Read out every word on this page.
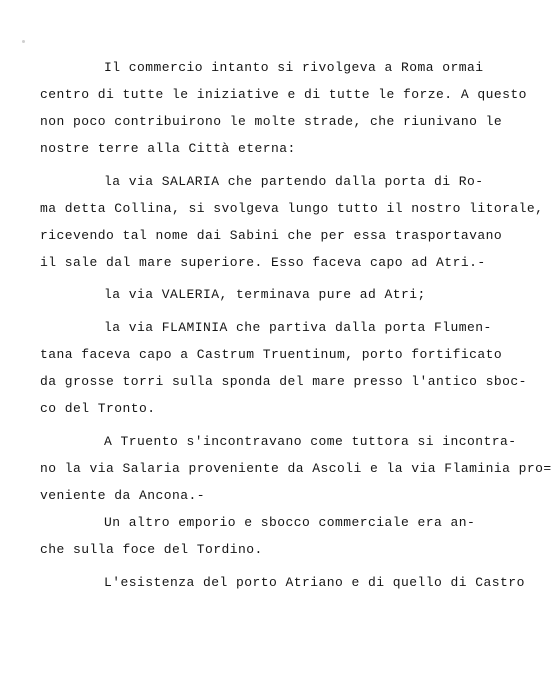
Il commercio intanto si rivolgeva a Roma ormai
centro di tutte le iniziative e di tutte le forze. A questo
non poco contribuirono le molte strade, che riunivano le
nostre terre alla Città eterna:
la via SALARIA che partendo dalla porta di Ro-
ma detta Collina, si svolgeva lungo tutto il nostro litorale,
ricevendo tal nome dai Sabini che per essa trasportavano
il sale dal mare superiore. Esso faceva capo ad Atri.-
la via VALERIA, terminava pure ad Atri;
la via FLAMINIA che partiva dalla porta Flumen-
tana faceva capo a Castrum Truentinum, porto fortificato
da grosse torri sulla sponda del mare presso l'antico sboc-
co del Tronto.
A Truento s'incontravano come tuttora si incontra-
no la via Salaria proveniente da Ascoli e la via Flaminia pro=
veniente da Ancona.-
Un altro emporio e sbocco commerciale era an-
che sulla foce del Tordino.
L'esistenza del porto Atriano e di quello di Castro
